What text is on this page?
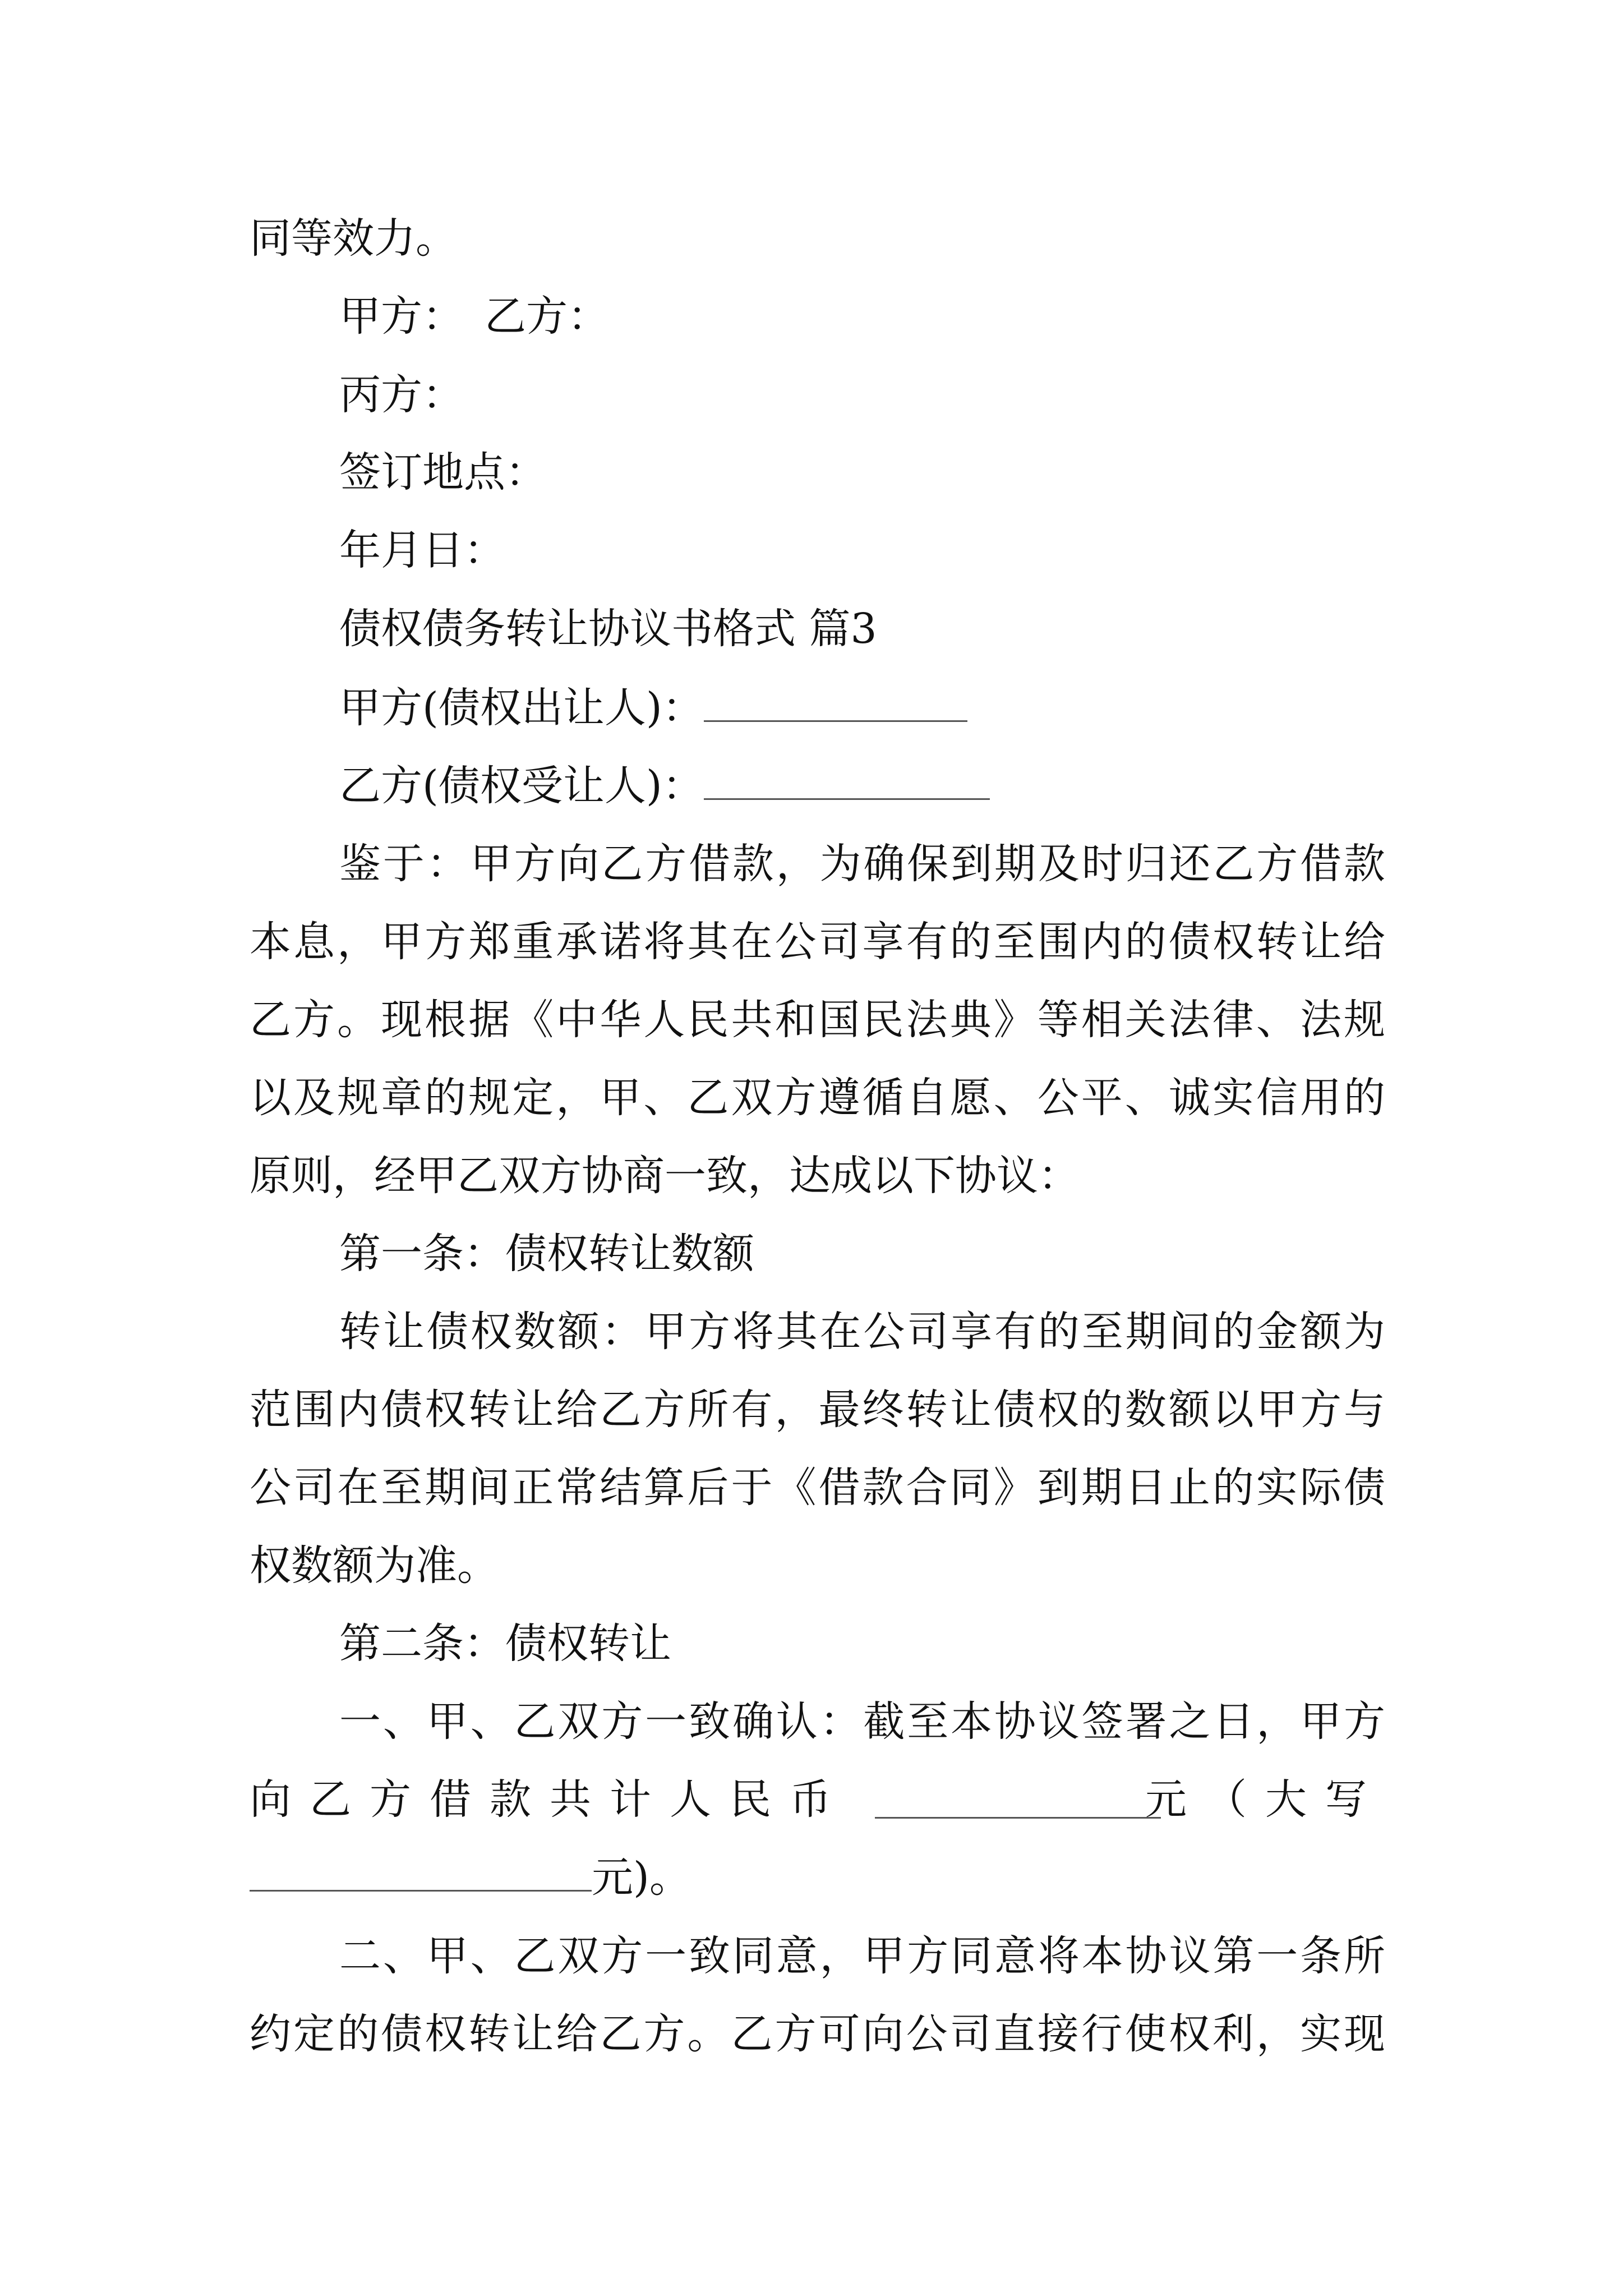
同等效力。
甲方：　乙方：
丙方：
签订地点：
年月日：
债权债务转让协议书格式 篇3
甲方(债权出让人)：
乙方(债权受让人)：
鉴于：甲方向乙方借款，为确保到期及时归还乙方借款
本息，甲方郑重承诺将其在公司享有的至围内的债权转让给
乙方。现根据《中华人民共和国民法典》等相关法律、法规
以及规章的规定，甲、乙双方遵循自愿、公平、诚实信用的
原则，经甲乙双方协商一致，达成以下协议：
第一条：债权转让数额
转让债权数额：甲方将其在公司享有的至期间的金额为
范围内债权转让给乙方所有，最终转让债权的数额以甲方与
公司在至期间正常结算后于《借款合同》到期日止的实际债
权数额为准。
第二条：债权转让
一、甲、乙双方一致确认：截至本协议签署之日，甲方
向乙方借款共计人民币	元（大写
元)。
二、甲、乙双方一致同意，甲方同意将本协议第一条所
约定的债权转让给乙方。乙方可向公司直接行使权利，实现
